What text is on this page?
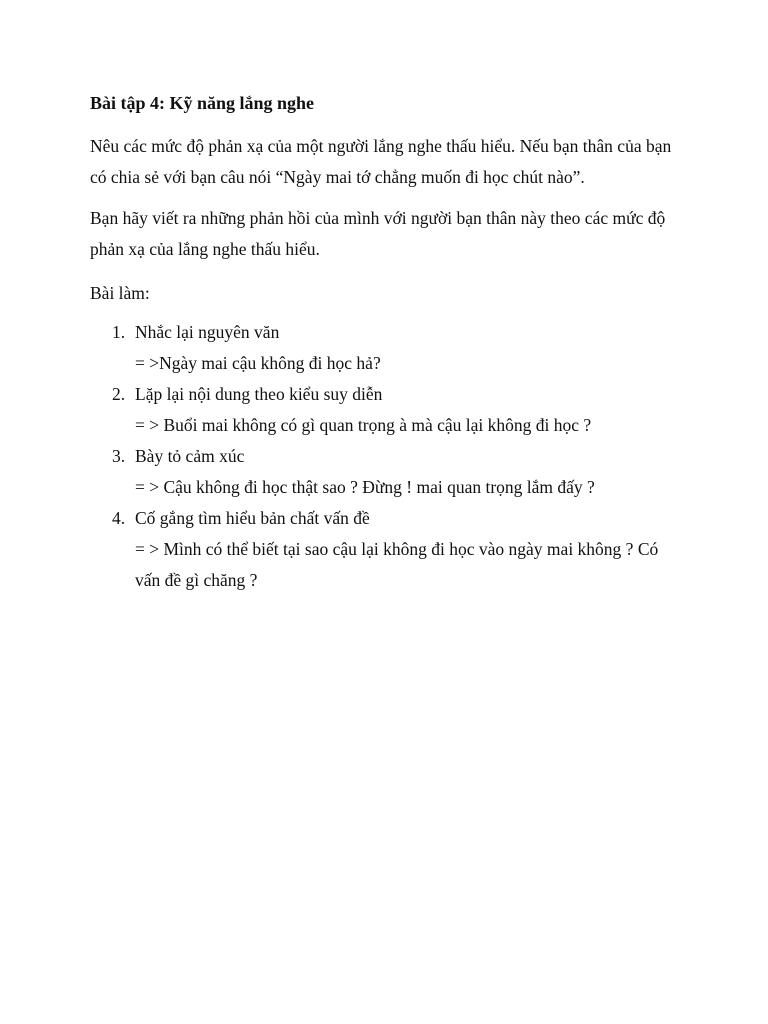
Bài tập 4: Kỹ năng lắng nghe
Nêu các mức độ phản xạ của một người lắng nghe thấu hiểu. Nếu bạn thân của bạn có chia sẻ với bạn câu nói “Ngày mai tớ chẳng muốn đi học chút nào”.
Bạn hãy viết ra những phản hồi của mình với người bạn thân này theo các mức độ phản xạ của lắng nghe thấu hiểu.
Bài làm:
1. Nhắc lại nguyên văn
= >Ngày mai cậu không đi học hả?
2. Lặp lại nội dung theo kiểu suy diễn
= > Buổi mai không có gì quan trọng à mà cậu lại không đi học ?
3. Bày tỏ cảm xúc
= > Cậu không đi học thật sao ? Đừng ! mai quan trọng lắm đấy ?
4. Cố gắng tìm hiểu bản chất vấn đề
= > Mình có thể biết tại sao cậu lại không đi học vào ngày mai không ? Có vấn đề gì chăng ?
